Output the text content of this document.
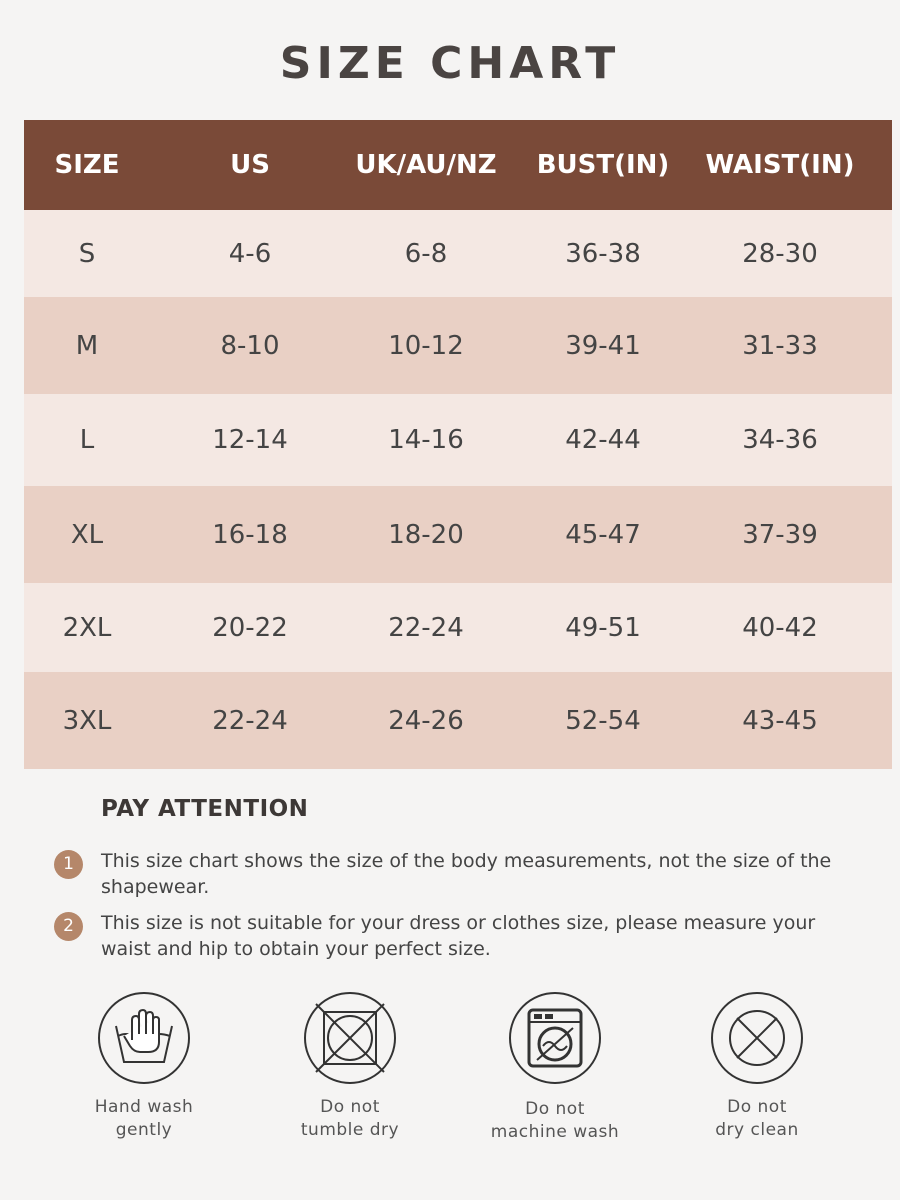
SIZE CHART
SIZE	US	UK/AU/NZ	BUST(IN)	WAIST(IN)
S	4-6	6-8	36-38	28-30
M	8-10	10-12	39-41	31-33
L	12-14	14-16	42-44	34-36
XL	16-18	18-20	45-47	37-39
2XL	20-22	22-24	49-51	40-42
3XL	22-24	24-26	52-54	43-45
PAY ATTENTION
1	This size chart shows the size of the body measurements, not the size of the shapewear.
2	This size is not suitable for your dress or clothes size, please measure your waist and hip to obtain your perfect size.
Hand wash
gently
Do not
tumble dry
Do not
machine wash
Do not
dry clean
